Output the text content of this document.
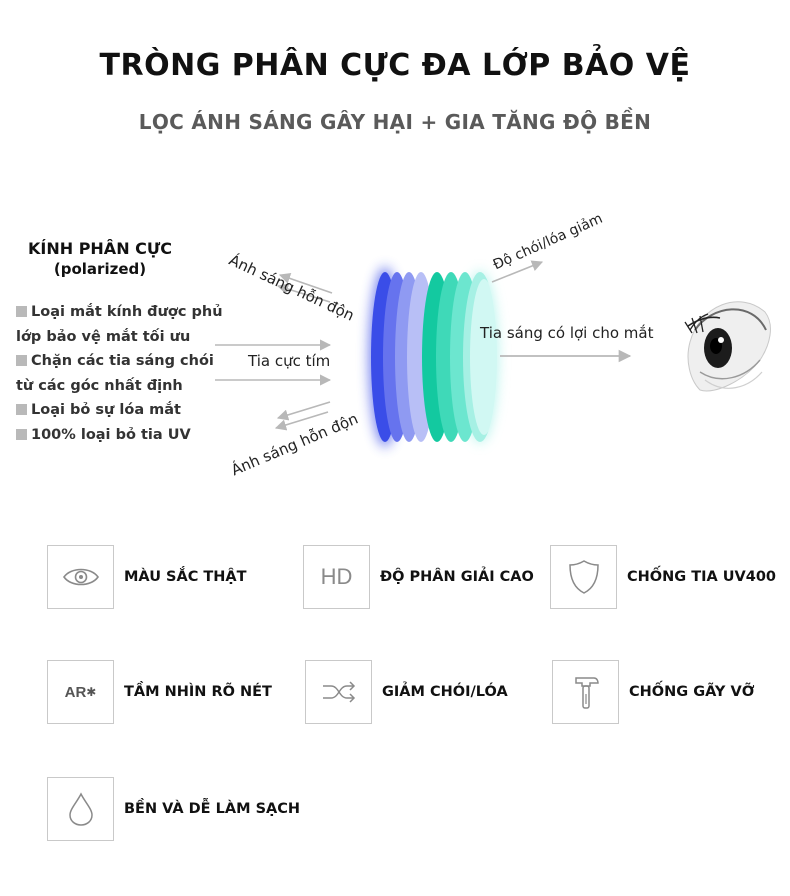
TRÒNG PHÂN CỰC ĐA LỚP BẢO VỆ
LỌC ÁNH SÁNG GÂY HẠI + GIA TĂNG ĐỘ BỀN
KÍNH PHÂN CỰC
(polarized)
Loại mắt kính được phủ
lớp bảo vệ mắt tối ưu
Chặn các tia sáng chói
từ các góc nhất định
Loại bỏ sự lóa mắt
100% loại bỏ tia UV
Ánh sáng hỗn độn
Tia cực tím
Ánh sáng hỗn độn
Độ chói/lóa giảm
Tia sáng có lợi cho mắt
MÀU SẮC THẬT	HD ĐỘ PHÂN GIẢI CAO	CHỐNG TIA UV400
AR ✱ TẦM NHÌN RÕ NÉT	GIẢM CHÓI/LÓA	CHỐNG GÃY VỠ
BỀN VÀ DỄ LÀM SẠCH
